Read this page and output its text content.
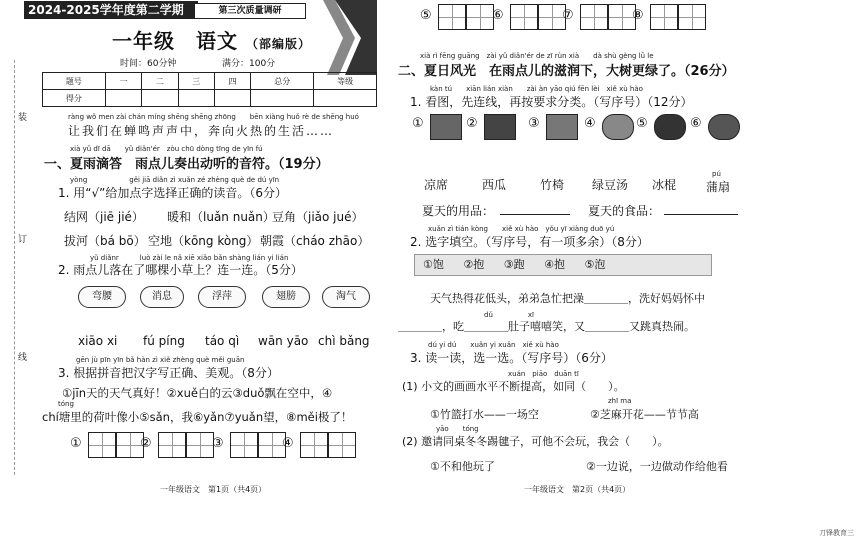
装
订
线
2024-2025学年度第二学期	第三次质量调研
一年级　语文 （部编版）
时间：60分钟	满分：100分
题号	一	二	三	四	总分	等级
得分						
ràng wǒ men zài chán míng shēng shēng zhōng　　bēn xiàng huǒ rè de shēng huó
让我们在蝉鸣声声中，奔向火热的生活……
xià yǔ dī dā　　yǔ diǎn'ér　zòu chū dòng tīng de yīn fú
一、夏雨滴答　雨点儿奏出动听的音符。（19分）
yòng　　　　　　gěi jiā diǎn zì xuǎn zé zhèng què de dú yīn
1. 用“√”给加点字选择正确的读音。（6分）
结网（jiē jié） 暖和（luǎn nuǎn）
豆角（jiǎo jué）
拔河（bá bō） 空地（kōng kòng） 朝霞（cháo zhāo）
yǔ diǎnr　　　luò zài le nǎ xiē xiǎo bǎn shàng lián yi lián
2. 雨点儿落在了哪棵小草上？连一连。（5分）
弯腰	消息	浮萍	翅膀	淘气
xiāo xi fú píng táo qì wān yāo chì bǎng
gēn jù pīn yīn bǎ hàn zì xiě zhèng què měi guān
3. 根据拼音把汉字写正确、美观。（8分）
①jīn天的天气真好！②xuě白的云③duǒ飘在空中，④
tóng
chí塘里的荷叶像小⑤sǎn，我⑥yǎn⑦yuǎn望，⑧měi极了！
①	②	③	④
一年级语文　第1页（共4页）
⑤	⑥	⑦	⑧
xià rì fēng guāng　zài yǔ diǎn'ér de zī rùn xià　　dà shù gèng lǜ le
二、夏日风光　在雨点儿的滋润下，大树更绿了。（26分）
kàn tú　　xiān lián xiàn　　zài àn yāo qiú fēn lèi　xiě xù hào
1. 看图，先连线，再按要求分类。（写序号）（12分）
①	②	③	④	⑤	⑥
凉席	西瓜	竹椅 绿豆汤 冰棍
pú
蒲扇
夏天的用品：	夏天的食品：
xuǎn zì tián kòng　　xiě xù hào　yǒu yī xiàng duō yú
2. 选字填空。（写序号，有一项多余）（8分）
①饱 ②抱 ③跑 ④抱 ⑤泡
天气热得花低头，弟弟急忙把澡＿＿＿＿，洗好妈妈怀中
dǔ　　　　　xī
＿＿＿＿，吃＿＿＿＿肚子嘻嘻笑，又＿＿＿＿又跳真热闹。
dú yi dú　　xuǎn yi xuǎn　xiě xù hào
3. 读一读，选一选。（写序号）（6分）
xuán　piāo　duān tī
(1) 小文的画画水平不断提高，如同（　　）。
①竹篮打水——一场空
zhī ma
②芝麻开花——节节高
yāo　　tóng
(2) 邀请同桌冬冬踢毽子，可他不会玩，我会（　　）。
①不和他玩了	②一边说，一边做动作给他看
一年级语文　第2页（共4页）
刀锋教育三
